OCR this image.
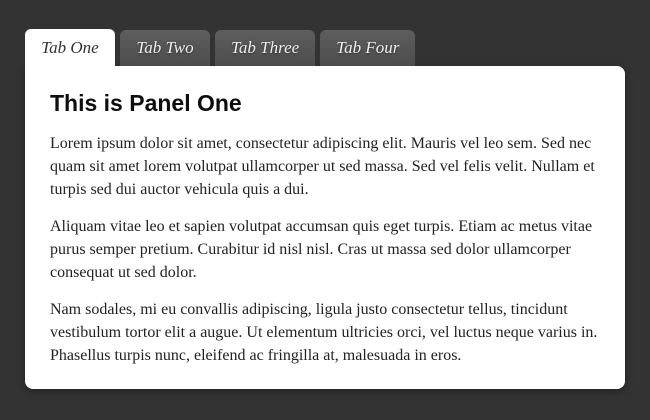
Tab One	Tab Two	Tab Three	Tab Four
This is Panel One

Lorem ipsum dolor sit amet, consectetur adipiscing elit. Mauris vel leo sem. Sed nec quam sit amet lorem volutpat ullamcorper ut sed massa. Sed vel felis velit. Nullam et turpis sed dui auctor vehicula quis a dui.

Aliquam vitae leo et sapien volutpat accumsan quis eget turpis. Etiam ac metus vitae purus semper pretium. Curabitur id nisl nisl. Cras ut massa sed dolor ullamcorper consequat ut sed dolor.

Nam sodales, mi eu convallis adipiscing, ligula justo consectetur tellus, tincidunt vestibulum tortor elit a augue. Ut elementum ultricies orci, vel luctus neque varius in. Phasellus turpis nunc, eleifend ac fringilla at, malesuada in eros.
